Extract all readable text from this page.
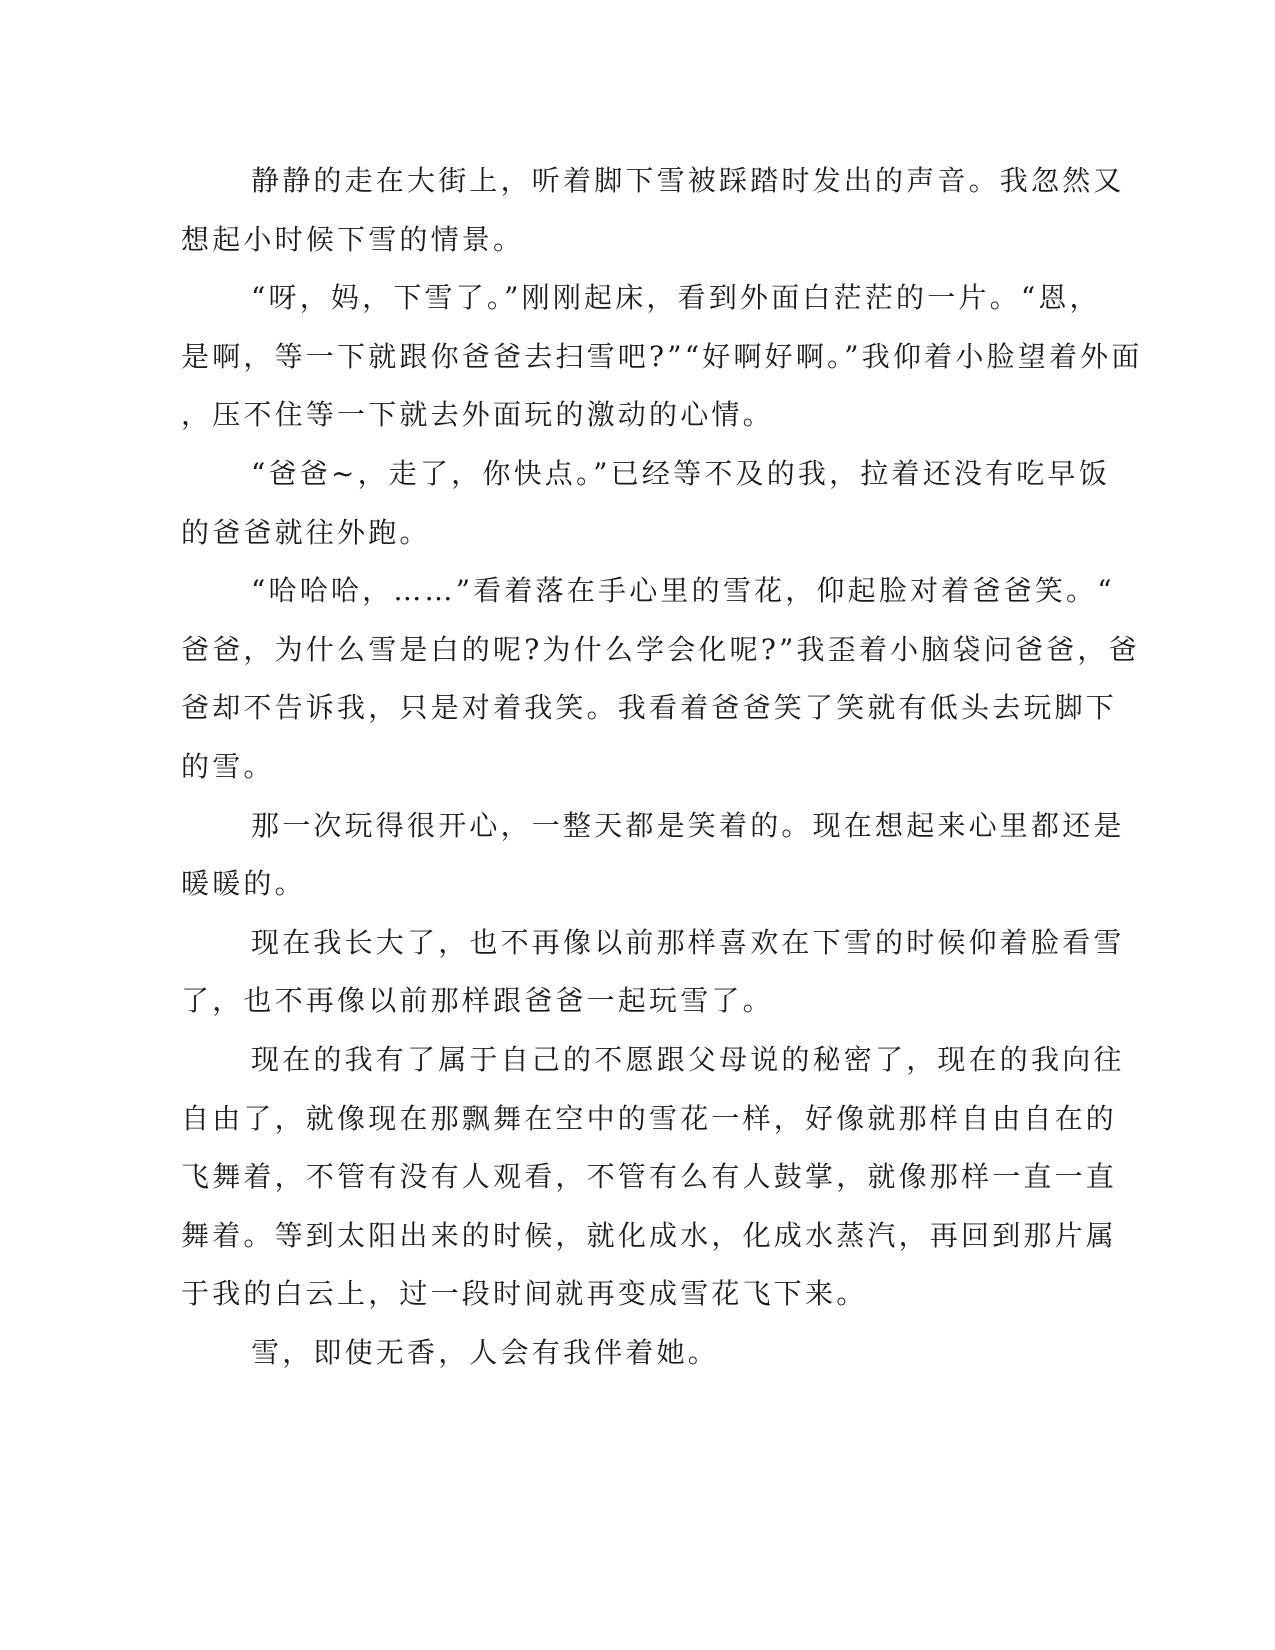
静静的走在大街上，听着脚下雪被踩踏时发出的声音。我忽然又
想起小时候下雪的情景。
“呀，妈，下雪了。”刚刚起床，看到外面白茫茫的一片。“恩，
是啊，等一下就跟你爸爸去扫雪吧?”“好啊好啊。”我仰着小脸望着外面
，压不住等一下就去外面玩的激动的心情。
“爸爸~，走了，你快点。”已经等不及的我，拉着还没有吃早饭
的爸爸就往外跑。
“哈哈哈，……”看着落在手心里的雪花，仰起脸对着爸爸笑。“
爸爸，为什么雪是白的呢?为什么学会化呢?”我歪着小脑袋问爸爸，爸
爸却不告诉我，只是对着我笑。我看着爸爸笑了笑就有低头去玩脚下
的雪。
那一次玩得很开心，一整天都是笑着的。现在想起来心里都还是
暖暖的。
现在我长大了，也不再像以前那样喜欢在下雪的时候仰着脸看雪
了，也不再像以前那样跟爸爸一起玩雪了。
现在的我有了属于自己的不愿跟父母说的秘密了，现在的我向往
自由了，就像现在那飘舞在空中的雪花一样，好像就那样自由自在的
飞舞着，不管有没有人观看，不管有么有人鼓掌，就像那样一直一直
舞着。等到太阳出来的时候，就化成水，化成水蒸汽，再回到那片属
于我的白云上，过一段时间就再变成雪花飞下来。
雪，即使无香，人会有我伴着她。
